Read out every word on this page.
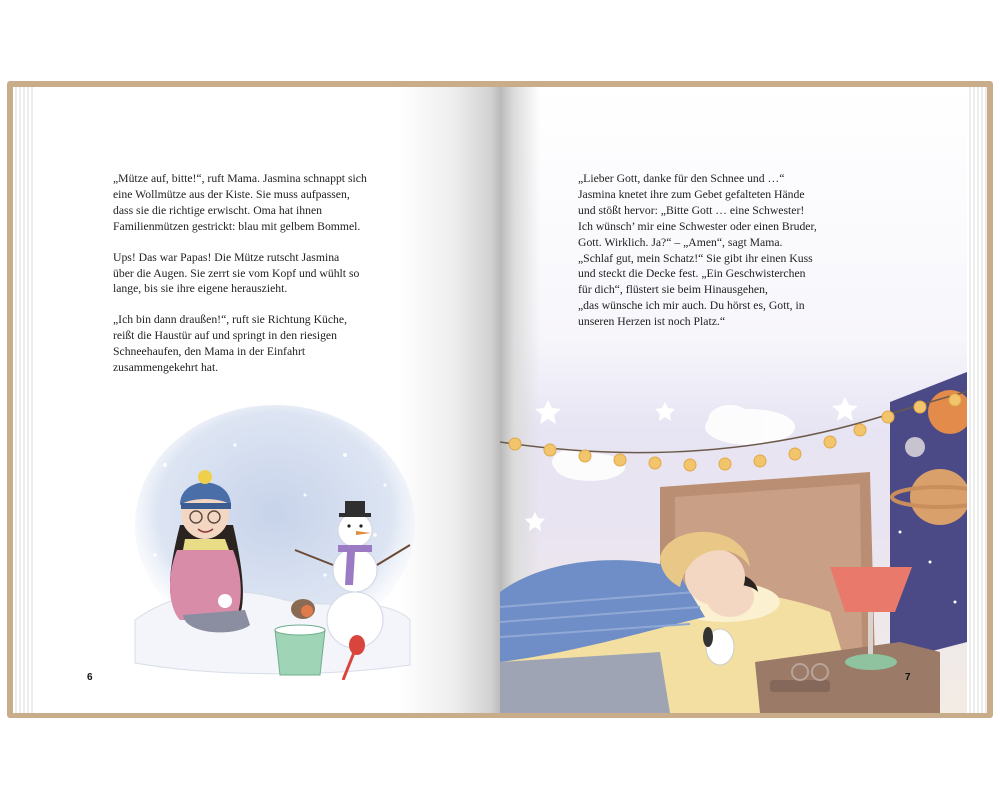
„Mütze auf, bitte!“, ruft Mama. Jasmina schnappt sich
eine Wollmütze aus der Kiste. Sie muss aufpassen,
dass sie die richtige erwischt. Oma hat ihnen
Familienmützen gestrickt: blau mit gelbem Bommel.

Ups! Das war Papas! Die Mütze rutscht Jasmina
über die Augen. Sie zerrt sie vom Kopf und wühlt so
lange, bis sie ihre eigene herauszieht.

„Ich bin dann draußen!“, ruft sie Richtung Küche,
reißt die Haustür auf und springt in den riesigen
Schneehaufen, den Mama in der Einfahrt
zusammengekehrt hat.

6

„Lieber Gott, danke für den Schnee und …“
Jasmina knetet ihre zum Gebet gefalteten Hände
und stößt hervor: „Bitte Gott … eine Schwester!
Ich wünsch’ mir eine Schwester oder einen Bruder,
Gott. Wirklich. Ja?“ – „Amen“, sagt Mama.
„Schlaf gut, mein Schatz!“ Sie gibt ihr einen Kuss
und steckt die Decke fest. „Ein Geschwisterchen
für dich“, flüstert sie beim Hinausgehen,
„das wünsche ich mir auch. Du hörst es, Gott, in
unseren Herzen ist noch Platz.“

7
